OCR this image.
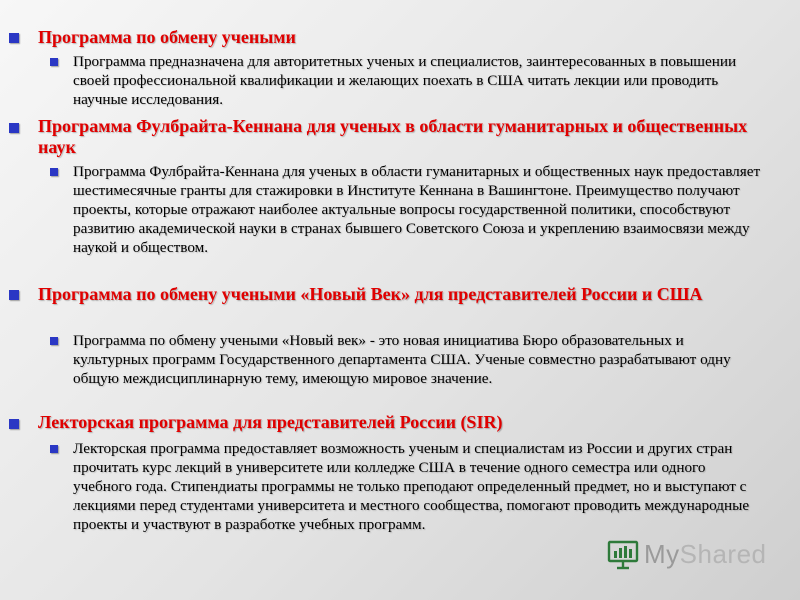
Программа по обмену учеными

Программа предназначена для авторитетных ученых и специалистов, заинтересованных в повышении своей профессиональной квалификации и желающих поехать в США читать лекции или проводить научные исследования.

Программа Фулбрайта-Кеннана для ученых в области гуманитарных и общественных наук

Программа Фулбрайта-Кеннана для ученых в области гуманитарных и общественных наук предоставляет шестимесячные гранты для стажировки в Институте Кеннана в Вашингтоне. Преимущество получают проекты, которые отражают наиболее актуальные вопросы государственной политики, способствуют развитию академической науки в странах бывшего Советского Союза и укреплению взаимосвязи между наукой и обществом.

Программа по обмену учеными «Новый Век» для представителей России и США

Программа по обмену учеными «Новый век» - это новая инициатива Бюро образовательных и культурных программ Государственного департамента США. Ученые совместно разрабатывают одну общую междисциплинарную тему, имеющую мировое значение.

Лекторская программа для представителей России (SIR)

Лекторская программа предоставляет возможность ученым и специалистам из России и других стран прочитать курс лекций в университете или колледже США в течение одного семестра или одного учебного года. Стипендиаты программы не только преподают определенный предмет, но и выступают с лекциями перед студентами университета и местного сообщества, помогают проводить международные проекты и участвуют в разработке учебных программ.

MyShared
